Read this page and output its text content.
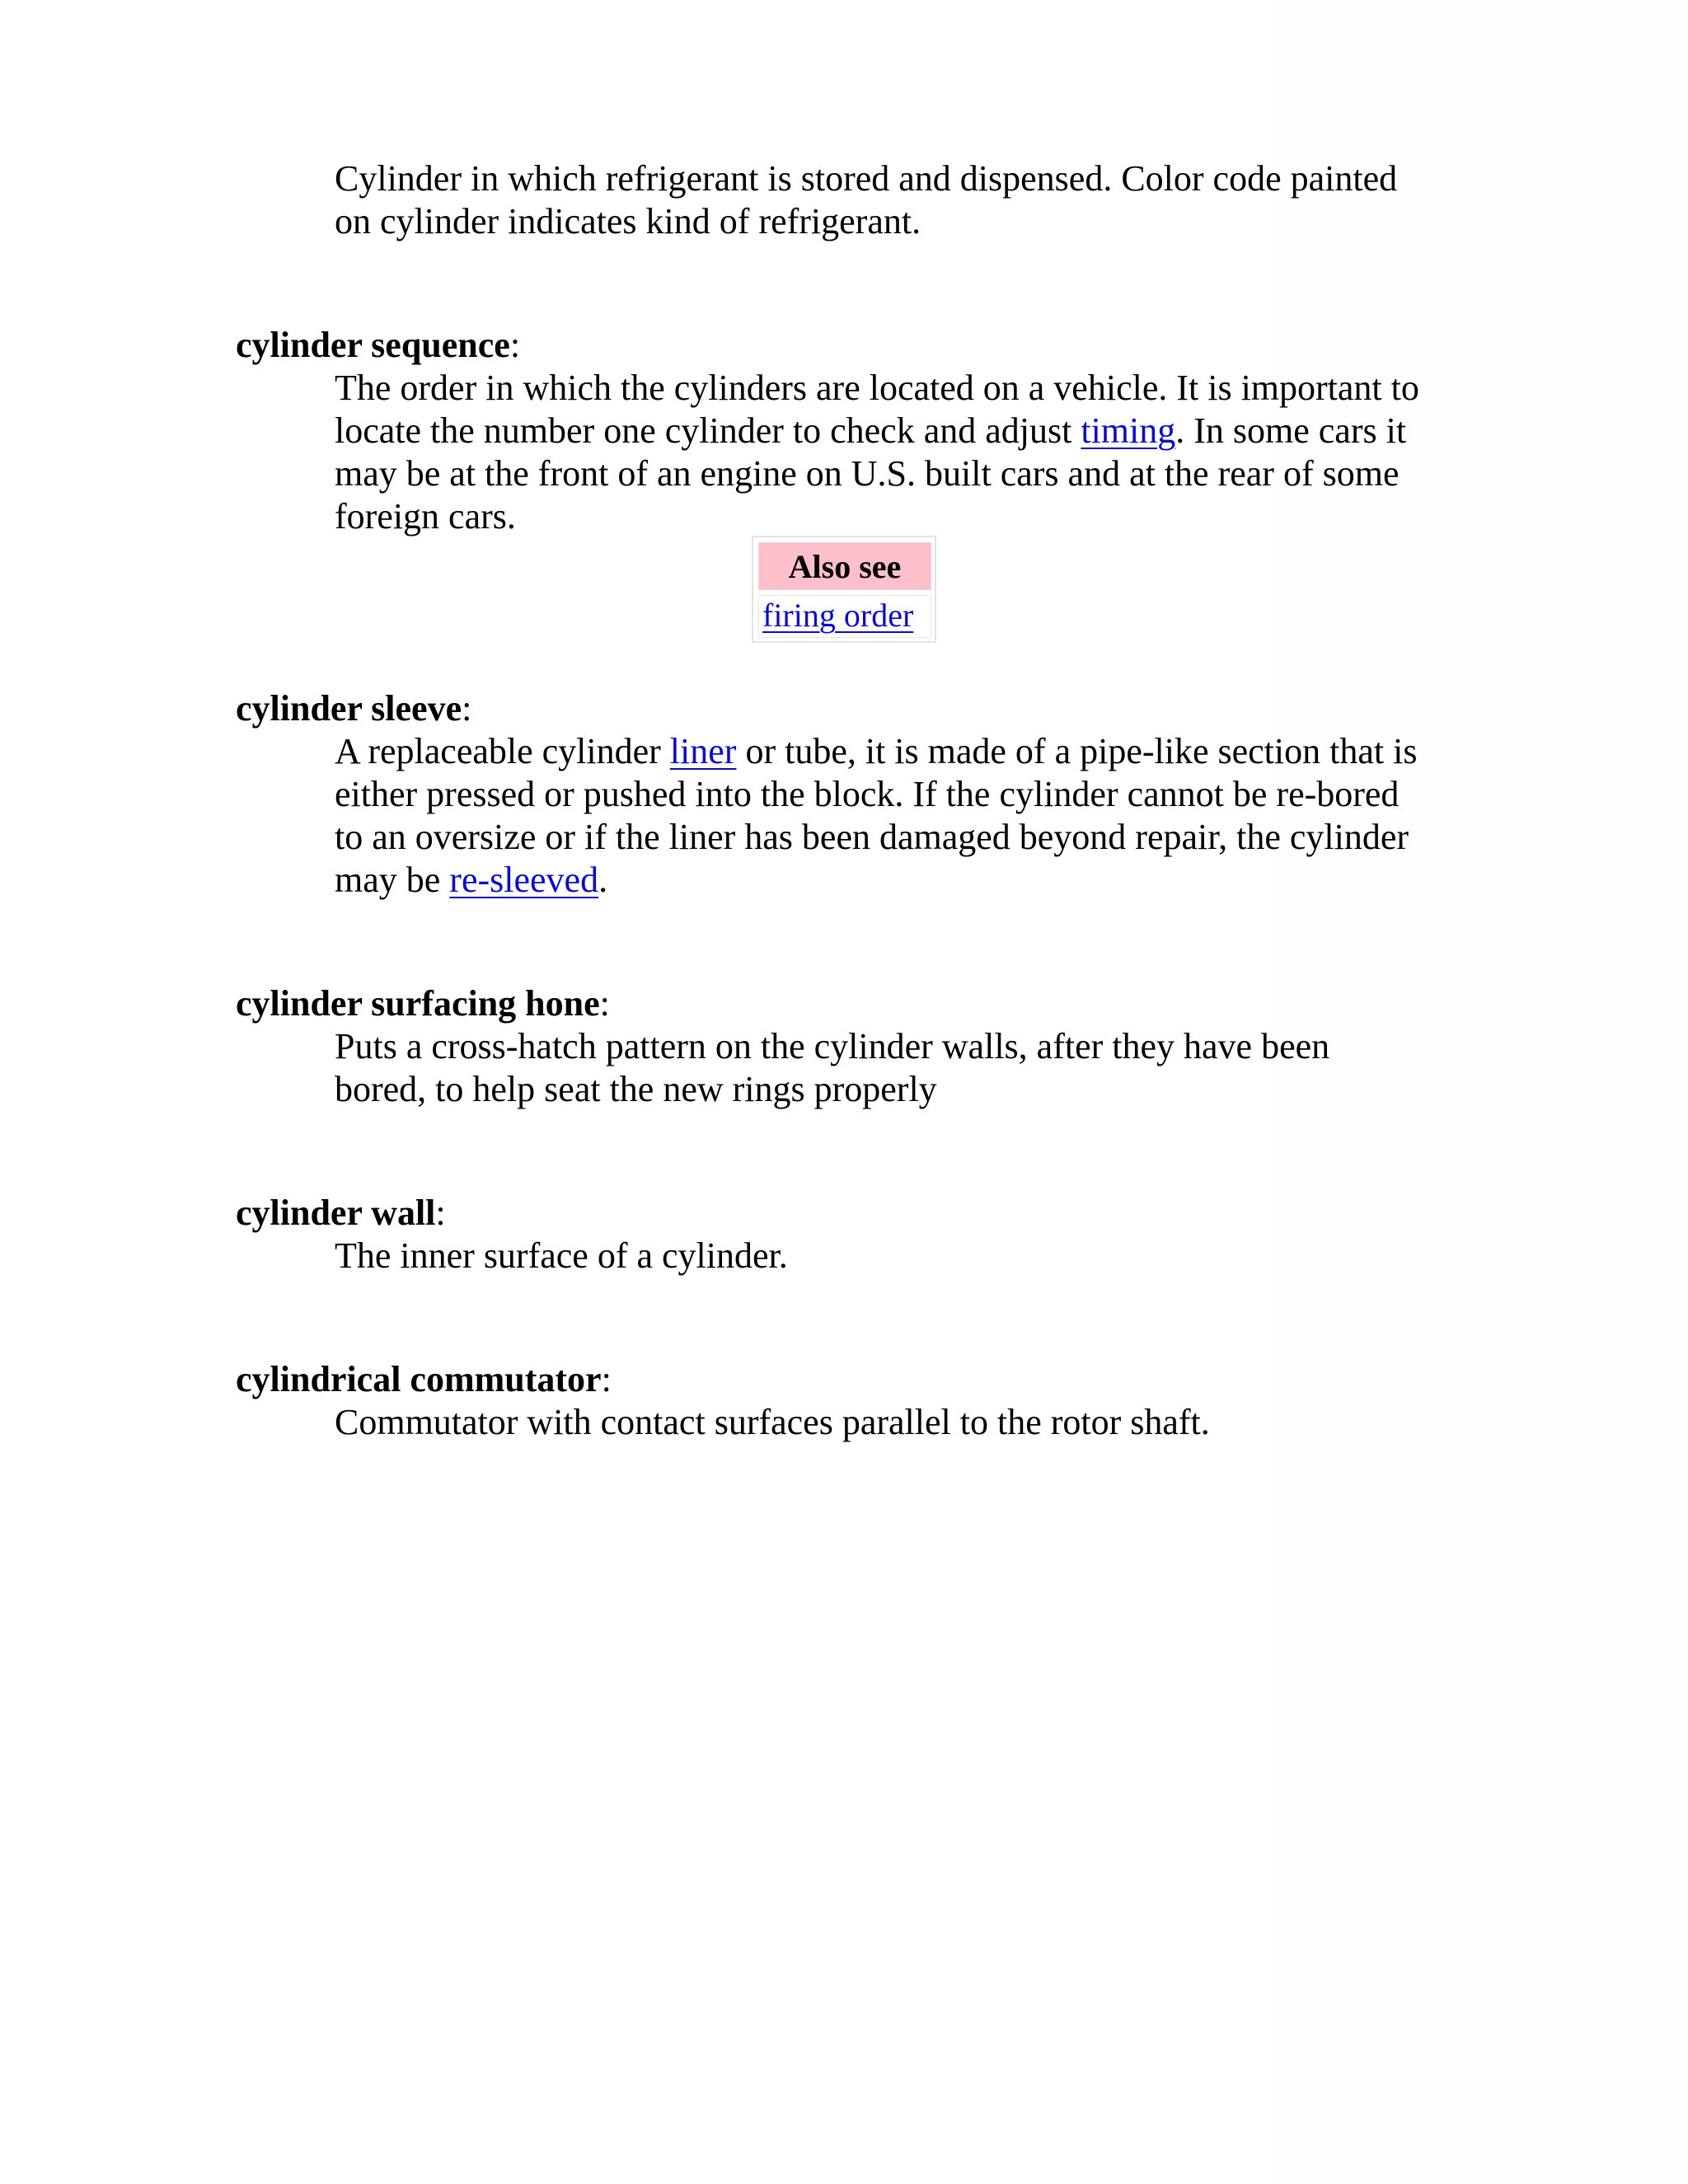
Cylinder in which refrigerant is stored and dispensed. Color code painted
on cylinder indicates kind of refrigerant.
cylinder sequence:
The order in which the cylinders are located on a vehicle. It is important to
locate the number one cylinder to check and adjust timing. In some cars it
may be at the front of an engine on U.S. built cars and at the rear of some
foreign cars.
Also see
firing order
cylinder sleeve:
A replaceable cylinder liner or tube, it is made of a pipe-like section that is
either pressed or pushed into the block. If the cylinder cannot be re-bored
to an oversize or if the liner has been damaged beyond repair, the cylinder
may be re-sleeved.
cylinder surfacing hone:
Puts a cross-hatch pattern on the cylinder walls, after they have been
bored, to help seat the new rings properly
cylinder wall:
The inner surface of a cylinder.
cylindrical commutator:
Commutator with contact surfaces parallel to the rotor shaft.
